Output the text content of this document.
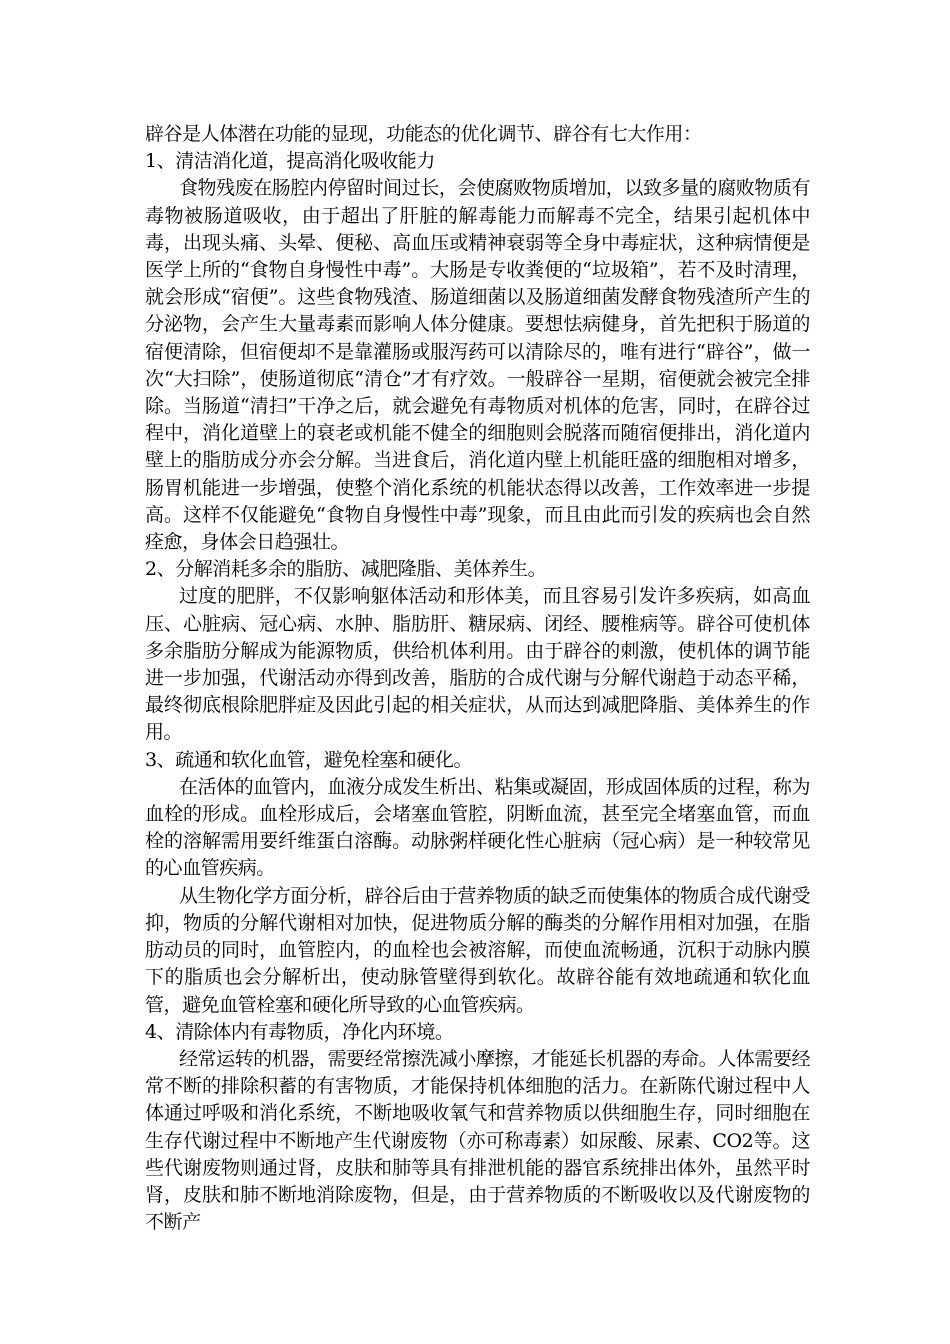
辟谷是人体潜在功能的显现，功能态的优化调节、辟谷有七大作用：

1、清洁消化道，提高消化吸收能力

食物残废在肠腔内停留时间过长，会使腐败物质增加，以致多量的腐败物质有毒物被肠道吸收，由于超出了肝脏的解毒能力而解毒不完全，结果引起机体中毒，出现头痛、头晕、便秘、高血压或精神衰弱等全身中毒症状，这种病情便是医学上所的“食物自身慢性中毒”。大肠是专收粪便的“垃圾箱”，若不及时清理，就会形成“宿便”。这些食物残渣、肠道细菌以及肠道细菌发酵食物残渣所产生的分泌物，会产生大量毒素而影响人体分健康。要想怯病健身，首先把积于肠道的宿便清除，但宿便却不是靠灌肠或服泻药可以清除尽的，唯有进行“辟谷”，做一次“大扫除”，使肠道彻底“清仓”才有疗效。一般辟谷一星期，宿便就会被完全排除。当肠道“清扫”干净之后，就会避免有毒物质对机体的危害，同时，在辟谷过程中，消化道壁上的衰老或机能不健全的细胞则会脱落而随宿便排出，消化道内壁上的脂肪成分亦会分解。当进食后，消化道内壁上机能旺盛的细胞相对增多，肠胃机能进一步增强，使整个消化系统的机能状态得以改善，工作效率进一步提高。这样不仅能避免“食物自身慢性中毒”现象，而且由此而引发的疾病也会自然痊愈，身体会日趋强壮。

2、分解消耗多余的脂肪、减肥隆脂、美体养生。

过度的肥胖，不仅影响躯体活动和形体美，而且容易引发许多疾病，如高血压、心脏病、冠心病、水肿、脂肪肝、糖尿病、闭经、腰椎病等。辟谷可使机体多余脂肪分解成为能源物质，供给机体利用。由于辟谷的刺激，使机体的调节能进一步加强，代谢活动亦得到改善，脂肪的合成代谢与分解代谢趋于动态平稀，最终彻底根除肥胖症及因此引起的相关症状，从而达到减肥降脂、美体养生的作用。

3、疏通和软化血管，避免栓塞和硬化。

在活体的血管内，血液分成发生析出、粘集或凝固，形成固体质的过程，称为血栓的形成。血栓形成后，会堵塞血管腔，阴断血流，甚至完全堵塞血管，而血栓的溶解需用要纤维蛋白溶酶。动脉粥样硬化性心脏病（冠心病）是一种较常见的心血管疾病。

从生物化学方面分析，辟谷后由于营养物质的缺乏而使集体的物质合成代谢受抑，物质的分解代谢相对加快，促进物质分解的酶类的分解作用相对加强，在脂肪动员的同时，血管腔内，的血栓也会被溶解，而使血流畅通，沉积于动脉内膜下的脂质也会分解析出，使动脉管壁得到软化。故辟谷能有效地疏通和软化血管，避免血管栓塞和硬化所导致的心血管疾病。

4、清除体内有毒物质，净化内环境。

经常运转的机器，需要经常擦洗减小摩擦，才能延长机器的寿命。人体需要经常不断的排除积蓄的有害物质，才能保持机体细胞的活力。在新陈代谢过程中人体通过呼吸和消化系统，不断地吸收氧气和营养物质以供细胞生存，同时细胞在生存代谢过程中不断地产生代谢废物（亦可称毒素）如尿酸、尿素、CO2等。这些代谢废物则通过肾，皮肤和肺等具有排泄机能的器官系统排出体外，虽然平时肾，皮肤和肺不断地消除废物，但是，由于营养物质的不断吸收以及代谢废物的不断产
